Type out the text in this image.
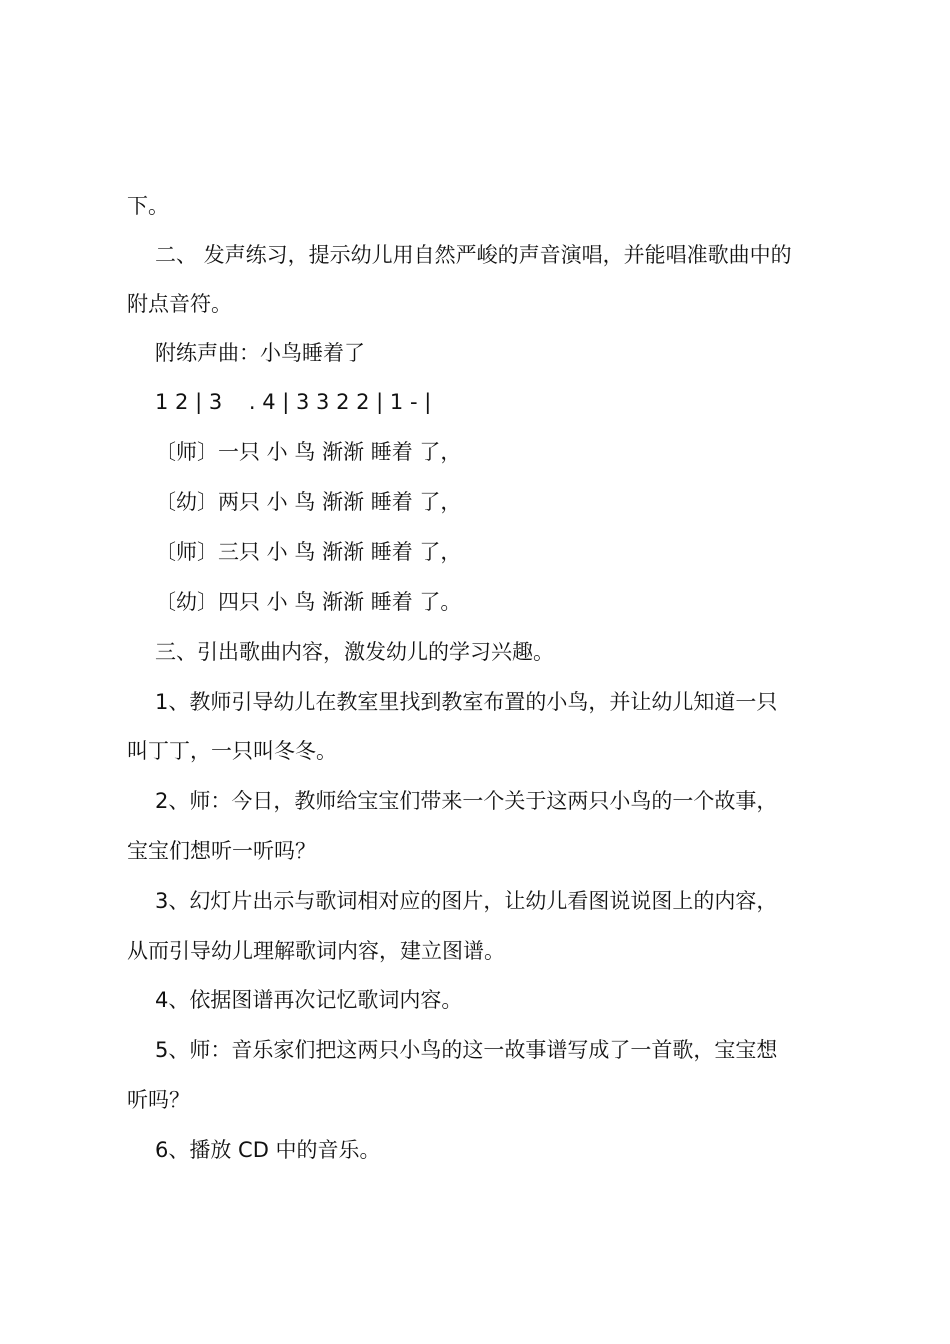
下。
二、 发声练习，提示幼儿用自然严峻的声音演唱，并能唱准歌曲中的
附点音符。
附练声曲：小鸟睡着了
1 2 | 3    . 4 | 3 3 2 2 | 1 - |
〔师〕一只 小 鸟 渐渐 睡着 了，
〔幼〕两只 小 鸟 渐渐 睡着 了，
〔师〕三只 小 鸟 渐渐 睡着 了，
〔幼〕四只 小 鸟 渐渐 睡着 了。
三、引出歌曲内容，激发幼儿的学习兴趣。
1、教师引导幼儿在教室里找到教室布置的小鸟，并让幼儿知道一只
叫丁丁，一只叫冬冬。
2、师：今日，教师给宝宝们带来一个关于这两只小鸟的一个故事，
宝宝们想听一听吗？
3、幻灯片出示与歌词相对应的图片，让幼儿看图说说图上的内容，
从而引导幼儿理解歌词内容，建立图谱。
4、依据图谱再次记忆歌词内容。
5、师：音乐家们把这两只小鸟的这一故事谱写成了一首歌，宝宝想
听吗？
6、播放 CD 中的音乐。
